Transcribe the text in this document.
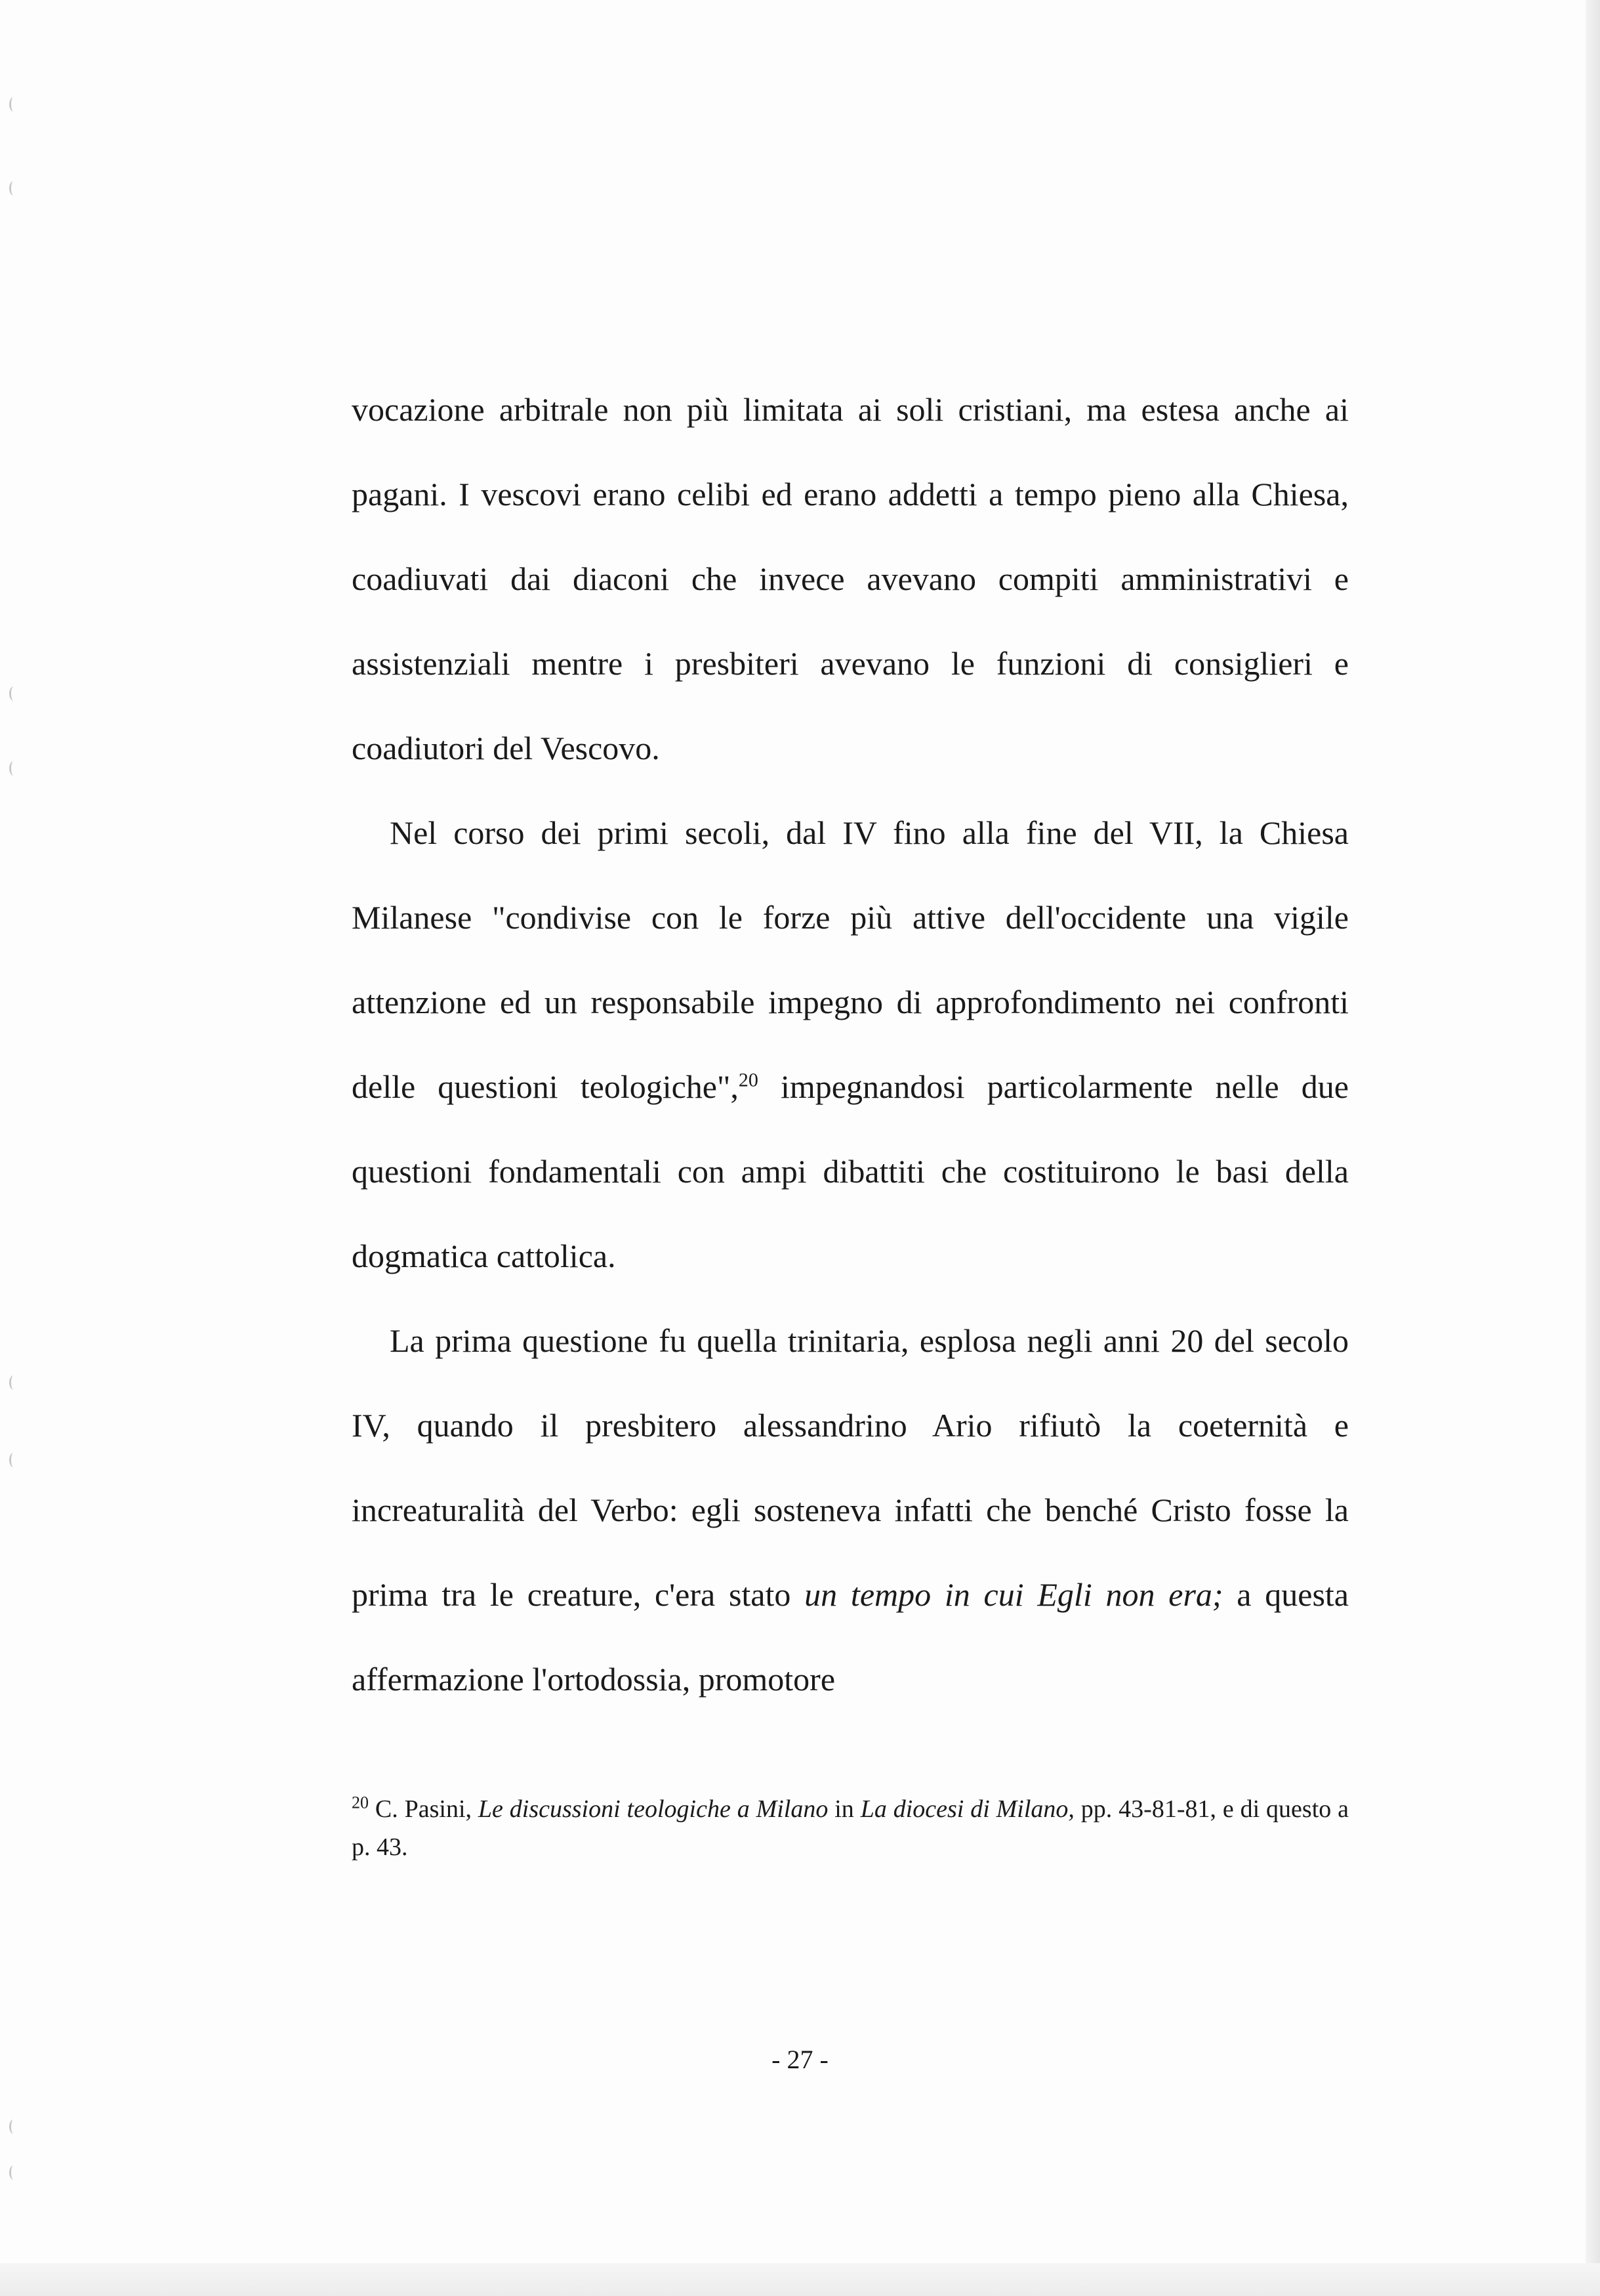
vocazione arbitrale non più limitata ai soli cristiani, ma estesa anche ai pagani. I vescovi erano celibi ed erano addetti a tempo pieno alla Chiesa, coadiuvati dai diaconi che invece avevano compiti amministrativi e assistenziali mentre i presbiteri avevano le funzioni di consiglieri e coadiutori del Vescovo.

Nel corso dei primi secoli, dal IV fino alla fine del VII, la Chiesa Milanese "condivise con le forze più attive dell'occidente una vigile attenzione ed un responsabile impegno di approfondimento nei confronti delle questioni teologiche",$^{20}$ impegnandosi particolarmente nelle due questioni fondamentali con ampi dibattiti che costituirono le basi della dogmatica cattolica.

La prima questione fu quella trinitaria, esplosa negli anni 20 del secolo IV, quando il presbitero alessandrino Ario rifiutò la coeternità e increaturalità del Verbo: egli sosteneva infatti che benché Cristo fosse la prima tra le creature, c'era stato un tempo in cui Egli non era; a questa affermazione l'ortodossia, promotore

$^{20}$ C. Pasini, Le discussioni teologiche a Milano in La diocesi di Milano, pp. 43-81-81, e di questo a p. 43.
- 27 -
